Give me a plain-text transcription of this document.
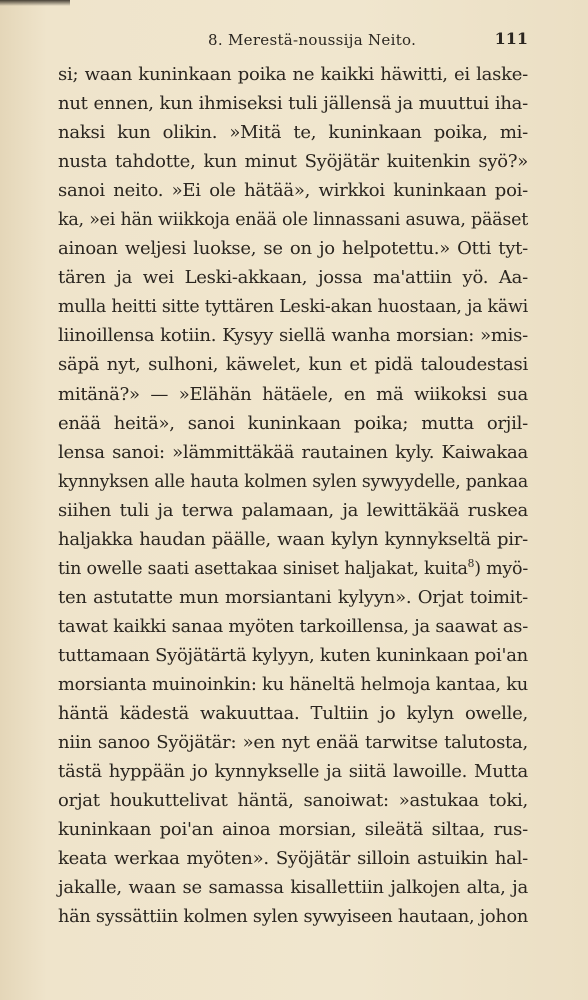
8. Merestä-noussija Neito.	111
si; waan kuninkaan poika ne kaikki häwitti, ei laske-
nut ennen, kun ihmiseksi tuli jällensä ja muuttui iha-
naksi kun olikin. »Mitä te, kuninkaan poika, mi-
nusta tahdotte, kun minut Syöjätär kuitenkin syö?»
sanoi neito. »Ei ole hätää», wirkkoi kuninkaan poi-
ka, »ei hän wiikkoja enää ole linnassani asuwa, pääset
ainoan weljesi luokse, se on jo helpotettu.» Otti tyt-
tären ja wei Leski-akkaan, jossa ma'attiin yö. Aa-
mulla heitti sitte tyttären Leski-akan huostaan, ja käwi
liinoillensa kotiin. Kysyy siellä wanha morsian: »mis-
säpä nyt, sulhoni, käwelet, kun et pidä taloudestasi
mitänä?» — »Elähän hätäele, en mä wiikoksi sua
enää heitä», sanoi kuninkaan poika; mutta orjil-
lensa sanoi: »lämmittäkää rautainen kyly. Kaiwakaa
kynnyksen alle hauta kolmen sylen sywyydelle, pankaa
siihen tuli ja terwa palamaan, ja lewittäkää ruskea
haljakka haudan päälle, waan kylyn kynnykseltä pir-
tin owelle saati asettakaa siniset haljakat, kuita$^8$) myö-
ten astutatte mun morsiantani kylyyn». Orjat toimit-
tawat kaikki sanaa myöten tarkoillensa, ja saawat as-
tuttamaan Syöjätärtä kylyyn, kuten kuninkaan poi'an
morsianta muinoinkin: ku häneltä helmoja kantaa, ku
häntä kädestä wakuuttaa. Tultiin jo kylyn owelle,
niin sanoo Syöjätär: »en nyt enää tarwitse talutosta,
tästä hyppään jo kynnykselle ja siitä lawoille. Mutta
orjat houkuttelivat häntä, sanoiwat: »astukaa toki,
kuninkaan poi'an ainoa morsian, sileätä siltaa, rus-
keata werkaa myöten». Syöjätär silloin astuikin hal-
jakalle, waan se samassa kisallettiin jalkojen alta, ja
hän syssättiin kolmen sylen sywyiseen hautaan, johon
